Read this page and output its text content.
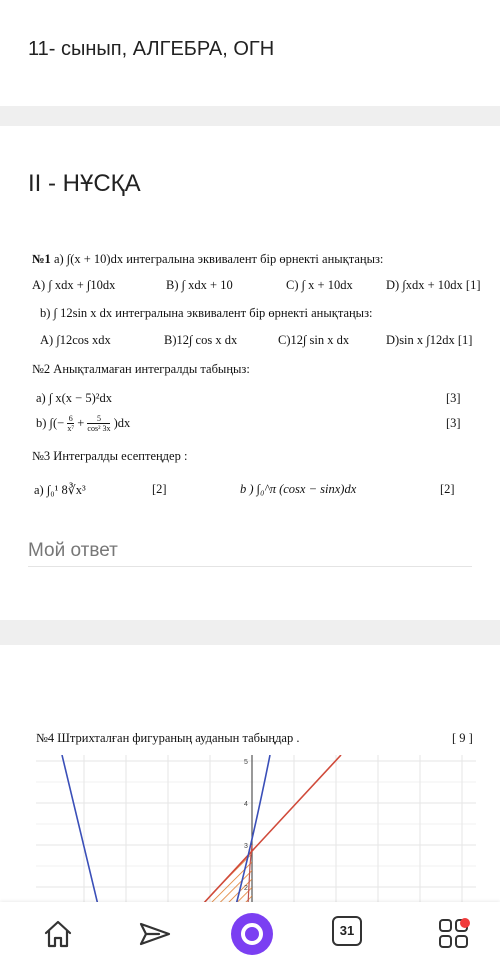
11- сынып, АЛГЕБРА, ОГН
II - НҰСҚА
№1 a) ∫(x + 10)dx интегралына эквивалент бір өрнекті анықтаңыз:
A) ∫ xdx + ∫10dx	B) ∫ xdx + 10	C) ∫ x + 10dx	D) ∫xdx + 10dx [1]
b) ∫ 12sin x dx интегралына эквивалент бір өрнекті анықтаңыз:
A) ∫12cos xdx	B)12∫ cos x dx	C)12∫ sin x dx	D)sin x ∫12dx [1]
№2 Анықталмаған интегралды табыңыз:
a) ∫ x(x − 5)²dx	[3]
b) ∫(− $\frac{6}{\text{x⁷}} + \frac{5}{\text{cos² 3x}} )dx$	[3]
№3 Интегралды есептеңдер :
a) ∫₀¹ 8∛x³	[2]	b ) ∫₀^π (cosx − sinx)dx	[2]
Мой ответ
№4 Штрихталған фигураның ауданын табыңдар .	[ 9 ]
5
4
3
2
31
